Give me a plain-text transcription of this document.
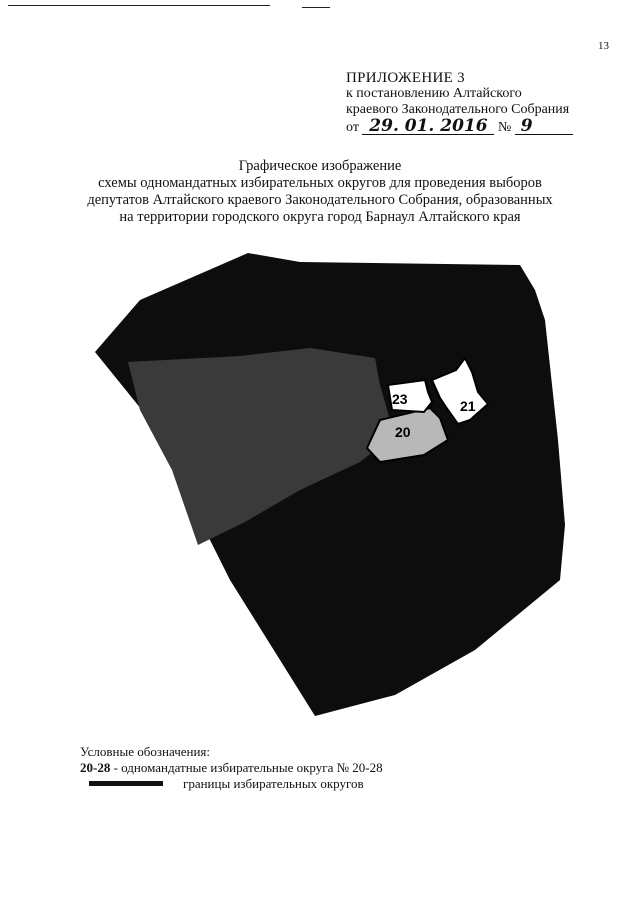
13
ПРИЛОЖЕНИЕ 3
к постановлению Алтайского
краевого Законодательного Собрания
от 29. 01. 2016 № 9
Графическое изображение
схемы одномандатных избирательных округов для проведения выборов
депутатов Алтайского краевого Законодательного Собрания, образованных
на территории городского округа город Барнаул Алтайского края
23
20
21
Условные обозначения:
20-28 - одномандатные избирательные округа № 20-28
границы избирательных округов
